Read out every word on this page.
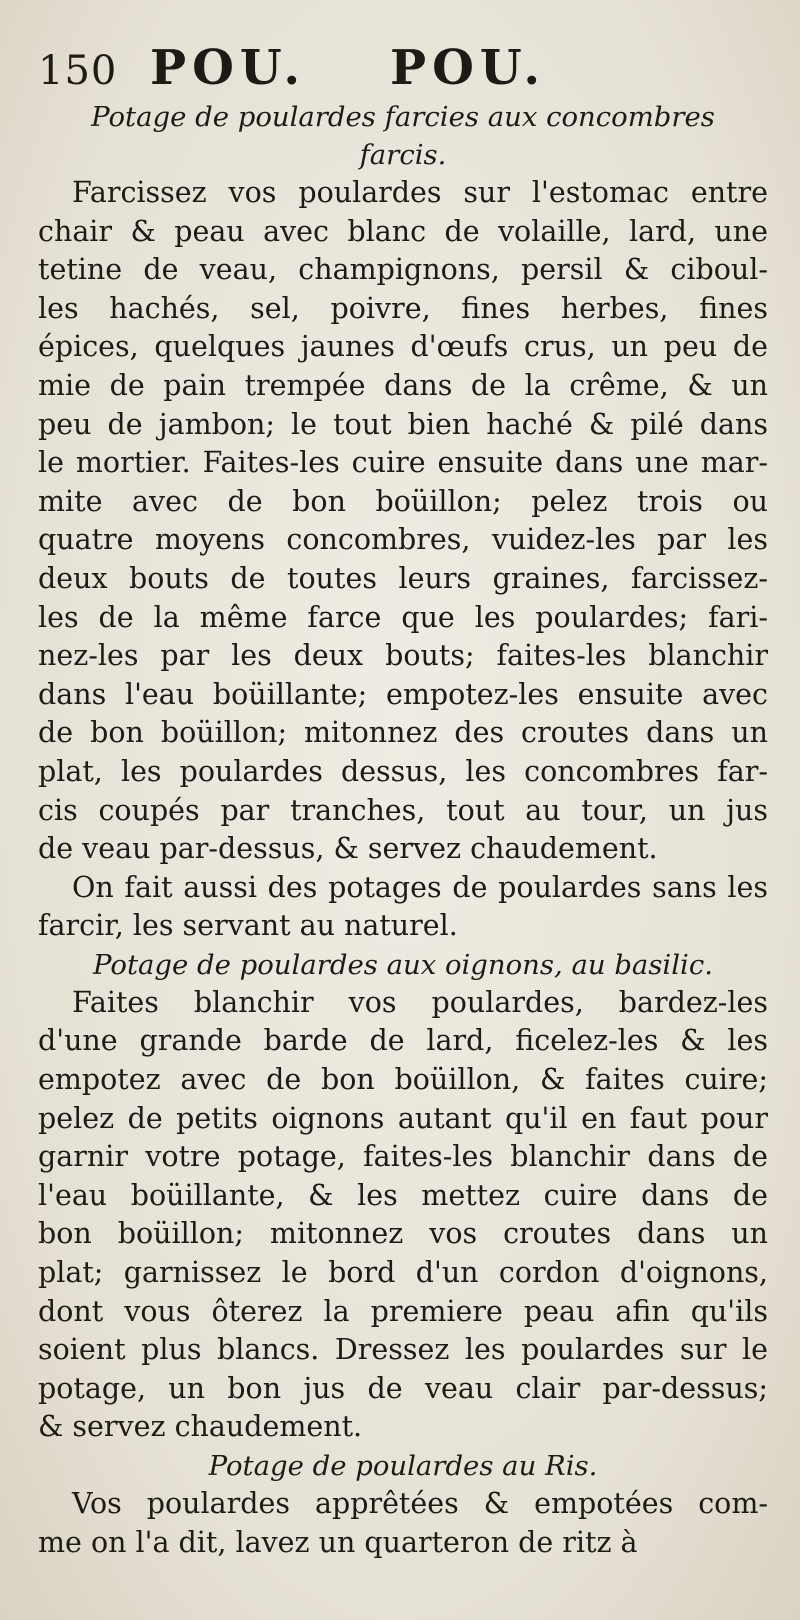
150 POU.	POU.
Potage de poulardes farcies aux concombres
farcis.
Farcissez vos poulardes sur l'estomac entre
chair & peau avec blanc de volaille, lard, une
tetine de veau, champignons, persil & ciboul-
les hachés, sel, poivre, fines herbes, fines
épices, quelques jaunes d'œufs crus, un peu de
mie de pain trempée dans de la crême, & un
peu de jambon; le tout bien haché & pilé dans
le mortier. Faites-les cuire ensuite dans une mar-
mite avec de bon boüillon; pelez trois ou
quatre moyens concombres, vuidez-les par les
deux bouts de toutes leurs graines, farcissez-
les de la même farce que les poulardes; fari-
nez-les par les deux bouts; faites-les blanchir
dans l'eau boüillante; empotez-les ensuite avec
de bon boüillon; mitonnez des croutes dans un
plat, les poulardes dessus, les concombres far-
cis coupés par tranches, tout au tour, un jus
de veau par-dessus, & servez chaudement.
On fait aussi des potages de poulardes sans les
farcir, les servant au naturel.
Potage de poulardes aux oignons, au basilic.
Faites blanchir vos poulardes, bardez-les
d'une grande barde de lard, ficelez-les & les
empotez avec de bon boüillon, & faites cuire;
pelez de petits oignons autant qu'il en faut pour
garnir votre potage, faites-les blanchir dans de
l'eau boüillante, & les mettez cuire dans de
bon boüillon; mitonnez vos croutes dans un
plat; garnissez le bord d'un cordon d'oignons,
dont vous ôterez la premiere peau afin qu'ils
soient plus blancs. Dressez les poulardes sur le
potage, un bon jus de veau clair par-dessus;
& servez chaudement.
Potage de poulardes au Ris.
Vos poulardes apprêtées & empotées com-
me on l'a dit, lavez un quarteron de ritz à
